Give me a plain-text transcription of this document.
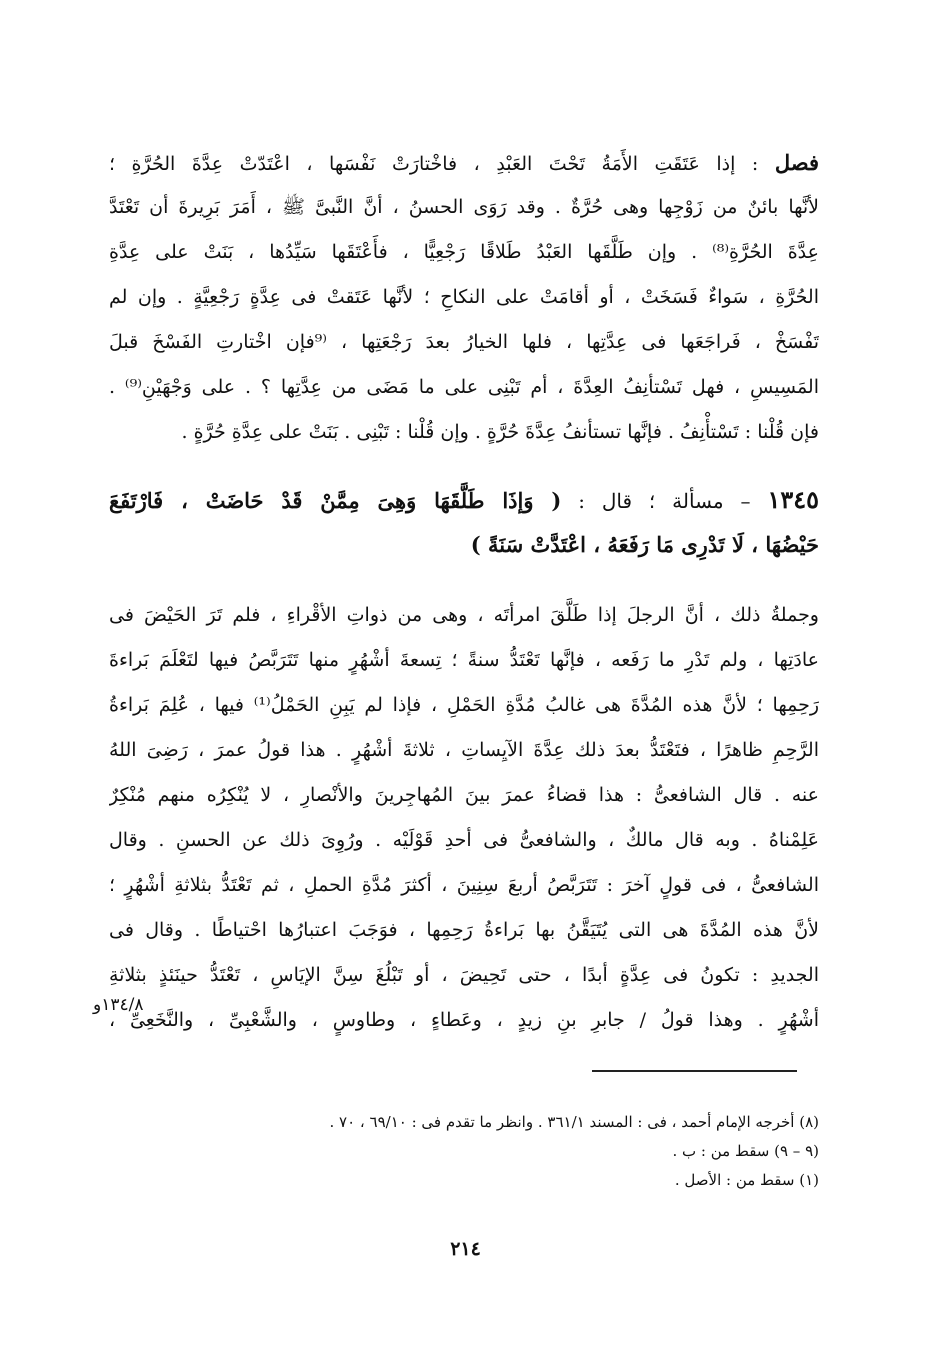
فصل : إذا عَتَقَتِ الأَمَةُ تَحْتَ العَبْدِ ، فاخْتارَتْ نَفْسَها ، اعْتَدّتْ عِدَّةَ الحُرَّةِ ؛
لأنَّها بائنٌ من زَوْجِها وهى حُرَّةٌ . وقد رَوَى الحسنُ ، أنَّ النَّبىَّ ﷺ ، أَمَرَ بَرِيرةَ أن تَعْتَدَّ
عِدَّةَ الحُرَّةِ⁽⁸⁾ . وإن طَلَّقَها العَبْدُ طَلاقًا رَجْعِيًّا ، فأَعْتَقَها سَيِّدُها ، بَنَتْ على عِدَّةِ
الحُرَّةِ ، سَواءٌ فَسَخَتْ ، أو أقامَتْ على النكاحِ ؛ لأنَّها عَتَقتْ فى عِدَّةٍ رَجْعِيَّةٍ . وإن لم
تَفْسَخْ ، فَراجَعَها فى عِدَّتِها ، فلها الخيارُ بعدَ رَجْعَتِها ، ⁽⁹فإن اخْتارتِ الفَسْخَ قبلَ
المَسِيسِ ، فهل تَسْتأنِفُ العِدَّةَ ، أم تَبْنِى على ما مَضَى من عِدَّتِها ؟ . على وَجْهَيْنِ⁽⁹⁾ .
فإن قُلْنا : تَسْتأْنِفُ . فإنَّها تستأنفُ عِدَّةَ حُرَّةٍ . وإن قُلْنا : تَبْنِى . بَنَتْ على عِدَّةِ حُرَّةٍ .
١٣٤٥ – مسألة ؛ قال : ( وَإذَا طَلَّقَهَا وَهِىَ مِمَّنْ قَدْ حَاضَتْ ، فَارْتَفَعَ
حَيْضُهَا ، لَا تَدْرِى مَا رَفَعَهُ ، اعْتَدَّتْ سَنَةً )
وجملةُ ذلك ، أنَّ الرجلَ إذا طَلَّقَ امرأتَه ، وهى من ذواتِ الأقْراءِ ، فلم تَرَ الحَيْضَ فى
عادَتِها ، ولم تَدْرِ ما رَفَعه ، فإنَّها تَعْتَدُّ سنةً ؛ تِسعةَ أشْهُرٍ منها تَتَرَبَّصُ فيها لتَعْلَمَ بَراءةَ
رَحِمِها ؛ لأنَّ هذه المُدَّةَ هى غالبُ مُدَّةِ الحَمْلِ ، فإذا لم يَبِنِ الحَمْلُ⁽¹⁾ فيها ، عُلِمَ بَراءةُ
الرَّحِمِ ظاهرًا ، فتَعْتَدُّ بعدَ ذلك عِدَّةَ الآيِساتِ ، ثلاثةَ أشْهُرٍ . هذا قولُ عمرَ ، رَضِىَ اللهُ
عنه . قال الشافعىُّ : هذا قضاءُ عمرَ بينَ المُهاجِرينَ والأنْصارِ ، لا يُنْكِرُه منهم مُنْكِرٌ
عَلِمْناهُ . وبه قال مالكٌ ، والشافعىُّ فى أحدِ قَوْلَيْه . ورُوِىَ ذلك عن الحسنِ . وقال
الشافعىُّ ، فى قولٍ آخرَ : تَتَرَبَّصُ أربعَ سِنِينَ ، أكثرَ مُدَّةِ الحملِ ، ثم تَعْتَدُّ بثلاثةِ أشْهُرٍ ؛
لأنَّ هذه المُدَّةَ هى التى يُتَيَقَّنُ بها بَراءةُ رَحِمِها ، فوَجَبَ اعتبارُها احْتياطًا . وقال فى
الجديدِ : تكونُ فى عِدَّةٍ أبدًا ، حتى تَحِيضَ ، أو تَبْلُغَ سِنَّ الإيَاسِ ، تَعْتَدُّ حينَئذٍ بثلاثةِ
أشْهُرٍ . وهذا قولُ / جابرِ بنِ زيدٍ ، وعَطاءٍ ، وطاوسٍ ، والشَّعْبِىِّ ، والنَّخَعِىِّ ،
١٣٤/٨و
(٨) أخرجه الإمام أحمد ، فى : المسند ٣٦١/١ . وانظر ما تقدم فى : ٦٩/١٠ ، ٧٠ .
(٩ – ٩) سقط من : ب .
(١) سقط من : الأصل .
٢١٤
